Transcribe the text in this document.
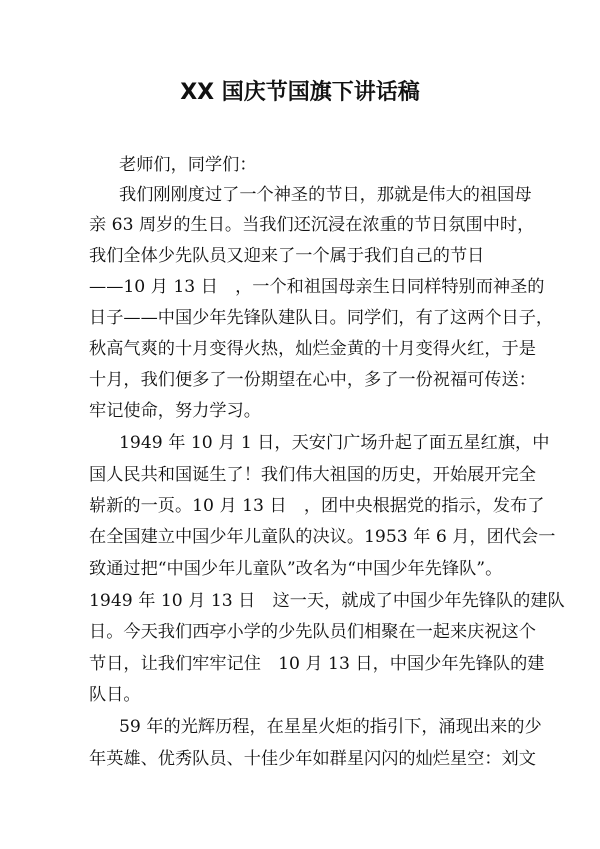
XX 国庆节国旗下讲话稿
老师们，同学们：
我们刚刚度过了一个神圣的节日，那就是伟大的祖国母
亲 63 周岁的生日。当我们还沉浸在浓重的节日氛围中时，
我们全体少先队员又迎来了一个属于我们自己的节日
——10 月 13 日　，一个和祖国母亲生日同样特别而神圣的
日子——中国少年先锋队建队日。同学们，有了这两个日子，
秋高气爽的十月变得火热，灿烂金黄的十月变得火红，于是
十月，我们便多了一份期望在心中，多了一份祝福可传送：
牢记使命，努力学习。
1949 年 10 月 1 日，天安门广场升起了面五星红旗，中
国人民共和国诞生了！我们伟大祖国的历史，开始展开完全
崭新的一页。10 月 13 日　，团中央根据党的指示，发布了
在全国建立中国少年儿童队的决议。1953 年 6 月，团代会一
致通过把“中国少年儿童队”改名为“中国少年先锋队”。
1949 年 10 月 13 日　这一天，就成了中国少年先锋队的建队
日。今天我们西亭小学的少先队员们相聚在一起来庆祝这个
节日，让我们牢牢记住　10 月 13 日，中国少年先锋队的建
队日。
59 年的光辉历程，在星星火炬的指引下，涌现出来的少
年英雄、优秀队员、十佳少年如群星闪闪的灿烂星空：刘文
